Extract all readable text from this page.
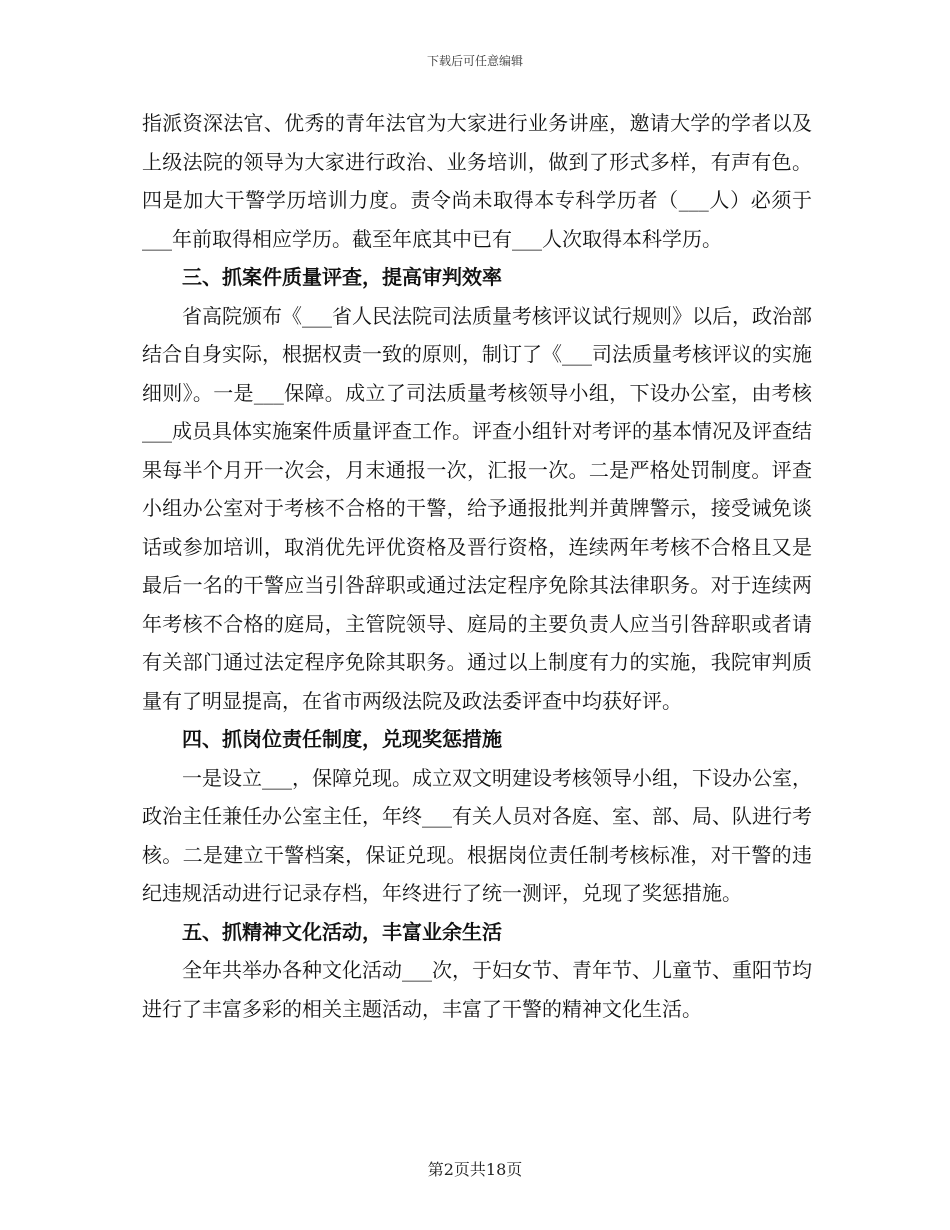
下载后可任意编辑

指派资深法官、优秀的青年法官为大家进行业务讲座，邀请大学的学者以及上级法院的领导为大家进行政治、业务培训，做到了形式多样，有声有色。四是加大干警学历培训力度。责令尚未取得本专科学历者（___人）必须于___年前取得相应学历。截至年底其中已有___人次取得本科学历。

三、抓案件质量评查，提高审判效率

省高院颁布《___省人民法院司法质量考核评议试行规则》以后，政治部结合自身实际，根据权责一致的原则，制订了《___司法质量考核评议的实施细则》。一是___保障。成立了司法质量考核领导小组，下设办公室，由考核___成员具体实施案件质量评查工作。评查小组针对考评的基本情况及评查结果每半个月开一次会，月末通报一次，汇报一次。二是严格处罚制度。评查小组办公室对于考核不合格的干警，给予通报批判并黄牌警示，接受诫免谈话或参加培训，取消优先评优资格及晋行资格，连续两年考核不合格且又是最后一名的干警应当引咎辞职或通过法定程序免除其法律职务。对于连续两年考核不合格的庭局，主管院领导、庭局的主要负责人应当引咎辞职或者请有关部门通过法定程序免除其职务。通过以上制度有力的实施，我院审判质量有了明显提高，在省市两级法院及政法委评查中均获好评。

四、抓岗位责任制度，兑现奖惩措施

一是设立___，保障兑现。成立双文明建设考核领导小组，下设办公室，政治主任兼任办公室主任，年终___有关人员对各庭、室、部、局、队进行考核。二是建立干警档案，保证兑现。根据岗位责任制考核标准，对干警的违纪违规活动进行记录存档，年终进行了统一测评，兑现了奖惩措施。

五、抓精神文化活动，丰富业余生活

全年共举办各种文化活动___次，于妇女节、青年节、儿童节、重阳节均进行了丰富多彩的相关主题活动，丰富了干警的精神文化生活。

第2页共18页
